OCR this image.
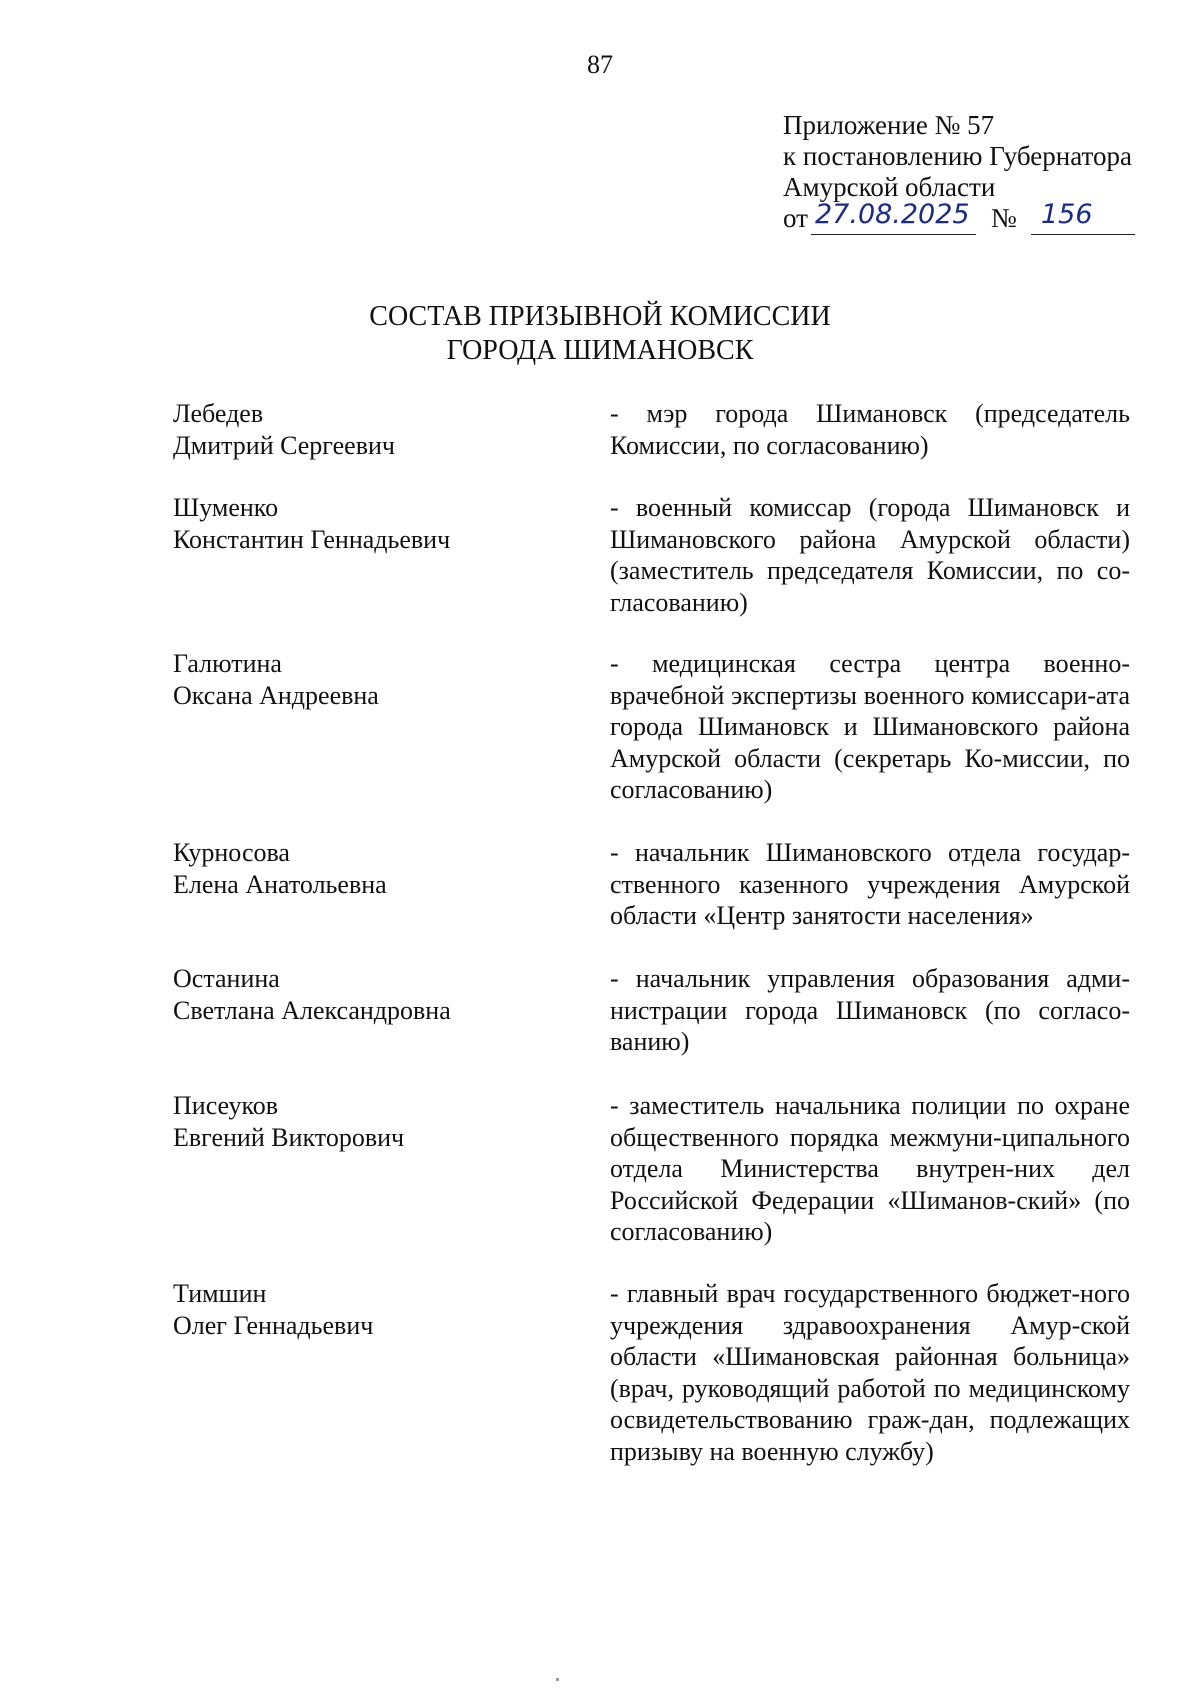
87
Приложение № 57
к постановлению Губернатора
Амурской области
от 27.08.2025 № 156
СОСТАВ ПРИЗЫВНОЙ КОМИССИИ
ГОРОДА ШИМАНОВСК
Лебедев
Дмитрий Сергеевич
- мэр города Шимановск (председатель Комиссии, по согласованию)
Шуменко
Константин Геннадьевич
- военный комиссар (города Шимановск и Шимановского района Амурской области) (заместитель председателя Комиссии, по со-гласованию)
Галютина
Оксана Андреевна
- медицинская сестра центра военно-врачебной экспертизы военного комиссари-ата города Шимановск и Шимановского района Амурской области (секретарь Ко-миссии, по согласованию)
Курносова
Елена Анатольевна
- начальник Шимановского отдела государ-ственного казенного учреждения Амурской области «Центр занятости населения»
Останина
Светлана Александровна
- начальник управления образования адми-нистрации города Шимановск (по согласо-ванию)
Писеуков
Евгений Викторович
- заместитель начальника полиции по охране общественного порядка межмуни-ципального отдела Министерства внутрен-них дел Российской Федерации «Шиманов-ский» (по согласованию)
Тимшин
Олег Геннадьевич
- главный врач государственного бюджет-ного учреждения здравоохранения Амур-ской области «Шимановская районная больница» (врач, руководящий работой по медицинскому освидетельствованию граж-дан, подлежащих призыву на военную службу)
